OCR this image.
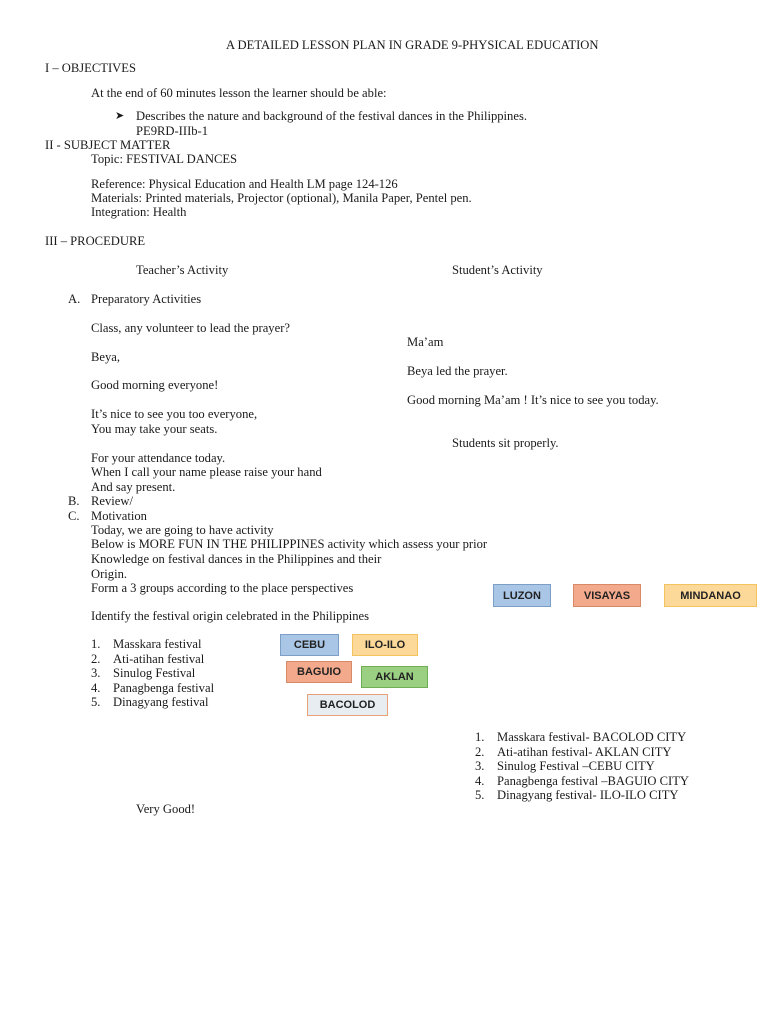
A DETAILED LESSON PLAN IN GRADE 9-PHYSICAL EDUCATION

I – OBJECTIVES

At the end of 60 minutes lesson the learner should be able:

➤ Describes the nature and background of the festival dances in the Philippines.

PE9RD-IIIb-1

II - SUBJECT MATTER

Topic: FESTIVAL DANCES

Reference: Physical Education and Health LM page 124-126

Materials: Printed materials, Projector (optional), Manila Paper, Pentel pen.

Integration: Health

III – PROCEDURE

Teacher’s Activity	Student’s Activity

A. Preparatory Activities

Class, any volunteer to lead the prayer?

Ma’am

Beya,

Beya led the prayer.

Good morning everyone!

Good morning Ma’am ! It’s nice to see you today.

It’s nice to see you too everyone,

You may take your seats.

Students sit properly.

For your attendance today.

When I call your name please raise your hand

And say present.

B. Review/

C. Motivation

Today, we are going to have activity

Below is MORE FUN IN THE PHILIPPINES activity which assess your prior

Knowledge on festival dances in the Philippines and their

Origin.

Form a 3 groups according to the place perspectives

Identify the festival origin celebrated in the Philippines

LUZON	VISAYAS	MINDANAO
1. Masskara festival
2. Ati-atihan festival
3. Sinulog Festival
4. Panagbenga festival
5. Dinagyang festival
CEBU	ILO-ILO
BAGUIO	AKLAN
BACOLOD
1. Masskara festival- BACOLOD CITY
2. Ati-atihan festival- AKLAN CITY
3. Sinulog Festival –CEBU CITY
4. Panagbenga festival –BAGUIO CITY
5. Dinagyang festival- ILO-ILO CITY

Very Good!
